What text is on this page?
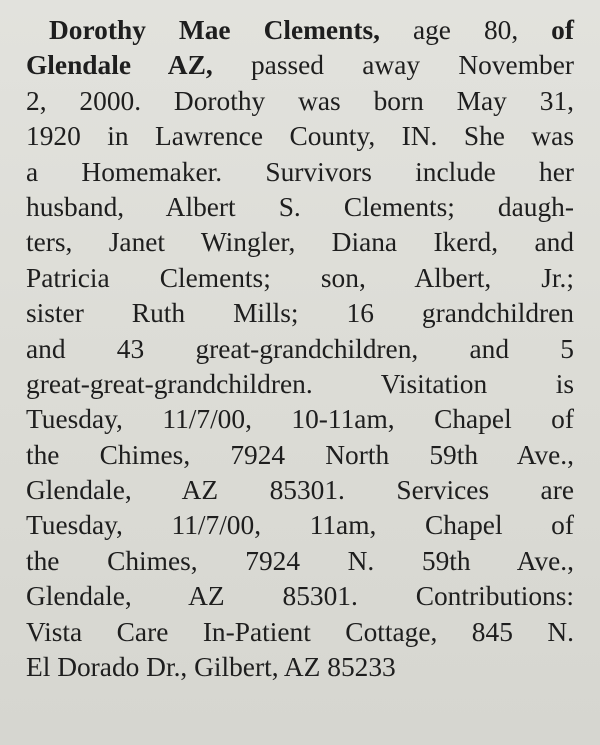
Dorothy Mae Clements, age 80, of
Glendale AZ, passed away November
2, 2000. Dorothy was born May 31,
1920 in Lawrence County, IN. She was
a Homemaker. Survivors include her
husband, Albert S. Clements; daugh-
ters, Janet Wingler, Diana Ikerd, and
Patricia Clements; son, Albert, Jr.;
sister Ruth Mills; 16 grandchildren
and 43 great-grandchildren, and 5
great-great-grandchildren. Visitation is
Tuesday, 11/7/00, 10-11am, Chapel of
the Chimes, 7924 North 59th Ave.,
Glendale, AZ 85301. Services are
Tuesday, 11/7/00, 11am, Chapel of
the Chimes, 7924 N. 59th Ave.,
Glendale, AZ 85301. Contributions:
Vista Care In-Patient Cottage, 845 N.
El Dorado Dr., Gilbert, AZ 85233
